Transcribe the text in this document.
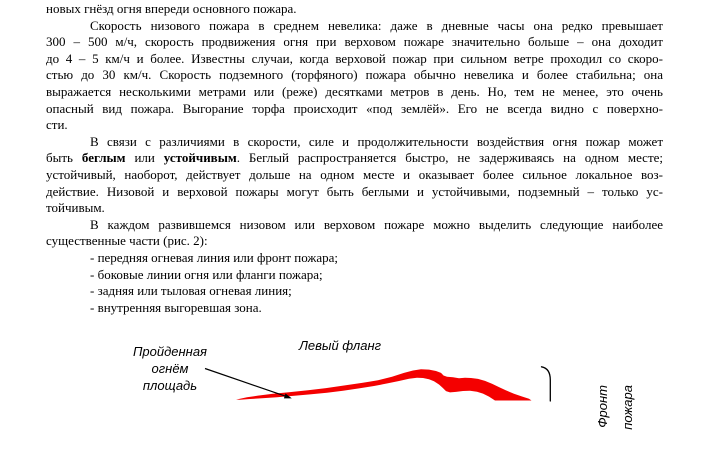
новых гнёзд огня впереди основного пожара.
Скорость низового пожара в среднем невелика: даже в дневные часы она редко превышает
300 – 500 м/ч, скорость продвижения огня при верховом пожаре значительно больше – она доходит
до 4 – 5 км/ч и более. Известны случаи, когда верховой пожар при сильном ветре проходил со скоро-
стью до 30 км/ч. Скорость подземного (торфяного) пожара обычно невелика и более стабильна; она
выражается несколькими метрами или (реже) десятками метров в день. Но, тем не менее, это очень
опасный вид пожара. Выгорание торфа происходит «под землёй». Его не всегда видно с поверхно-
сти.
В связи с различиями в скорости, силе и продолжительности воздействия огня пожар может
быть беглым или устойчивым. Беглый распространяется быстро, не задерживаясь на одном месте;
устойчивый, наоборот, действует дольше на одном месте и оказывает более сильное локальное воз-
действие. Низовой и верховой пожары могут быть беглыми и устойчивыми, подземный – только ус-
тойчивым.
В каждом развившемся низовом или верховом пожаре можно выделить следующие наиболее
существенные части (рис. 2):
- передняя огневая линия или фронт пожара;
- боковые линии огня или фланги пожара;
- задняя или тыловая огневая линия;
- внутренняя выгоревшая зона.
Пройденная огнём
площадь
Левый фланг
Фронт пожара
